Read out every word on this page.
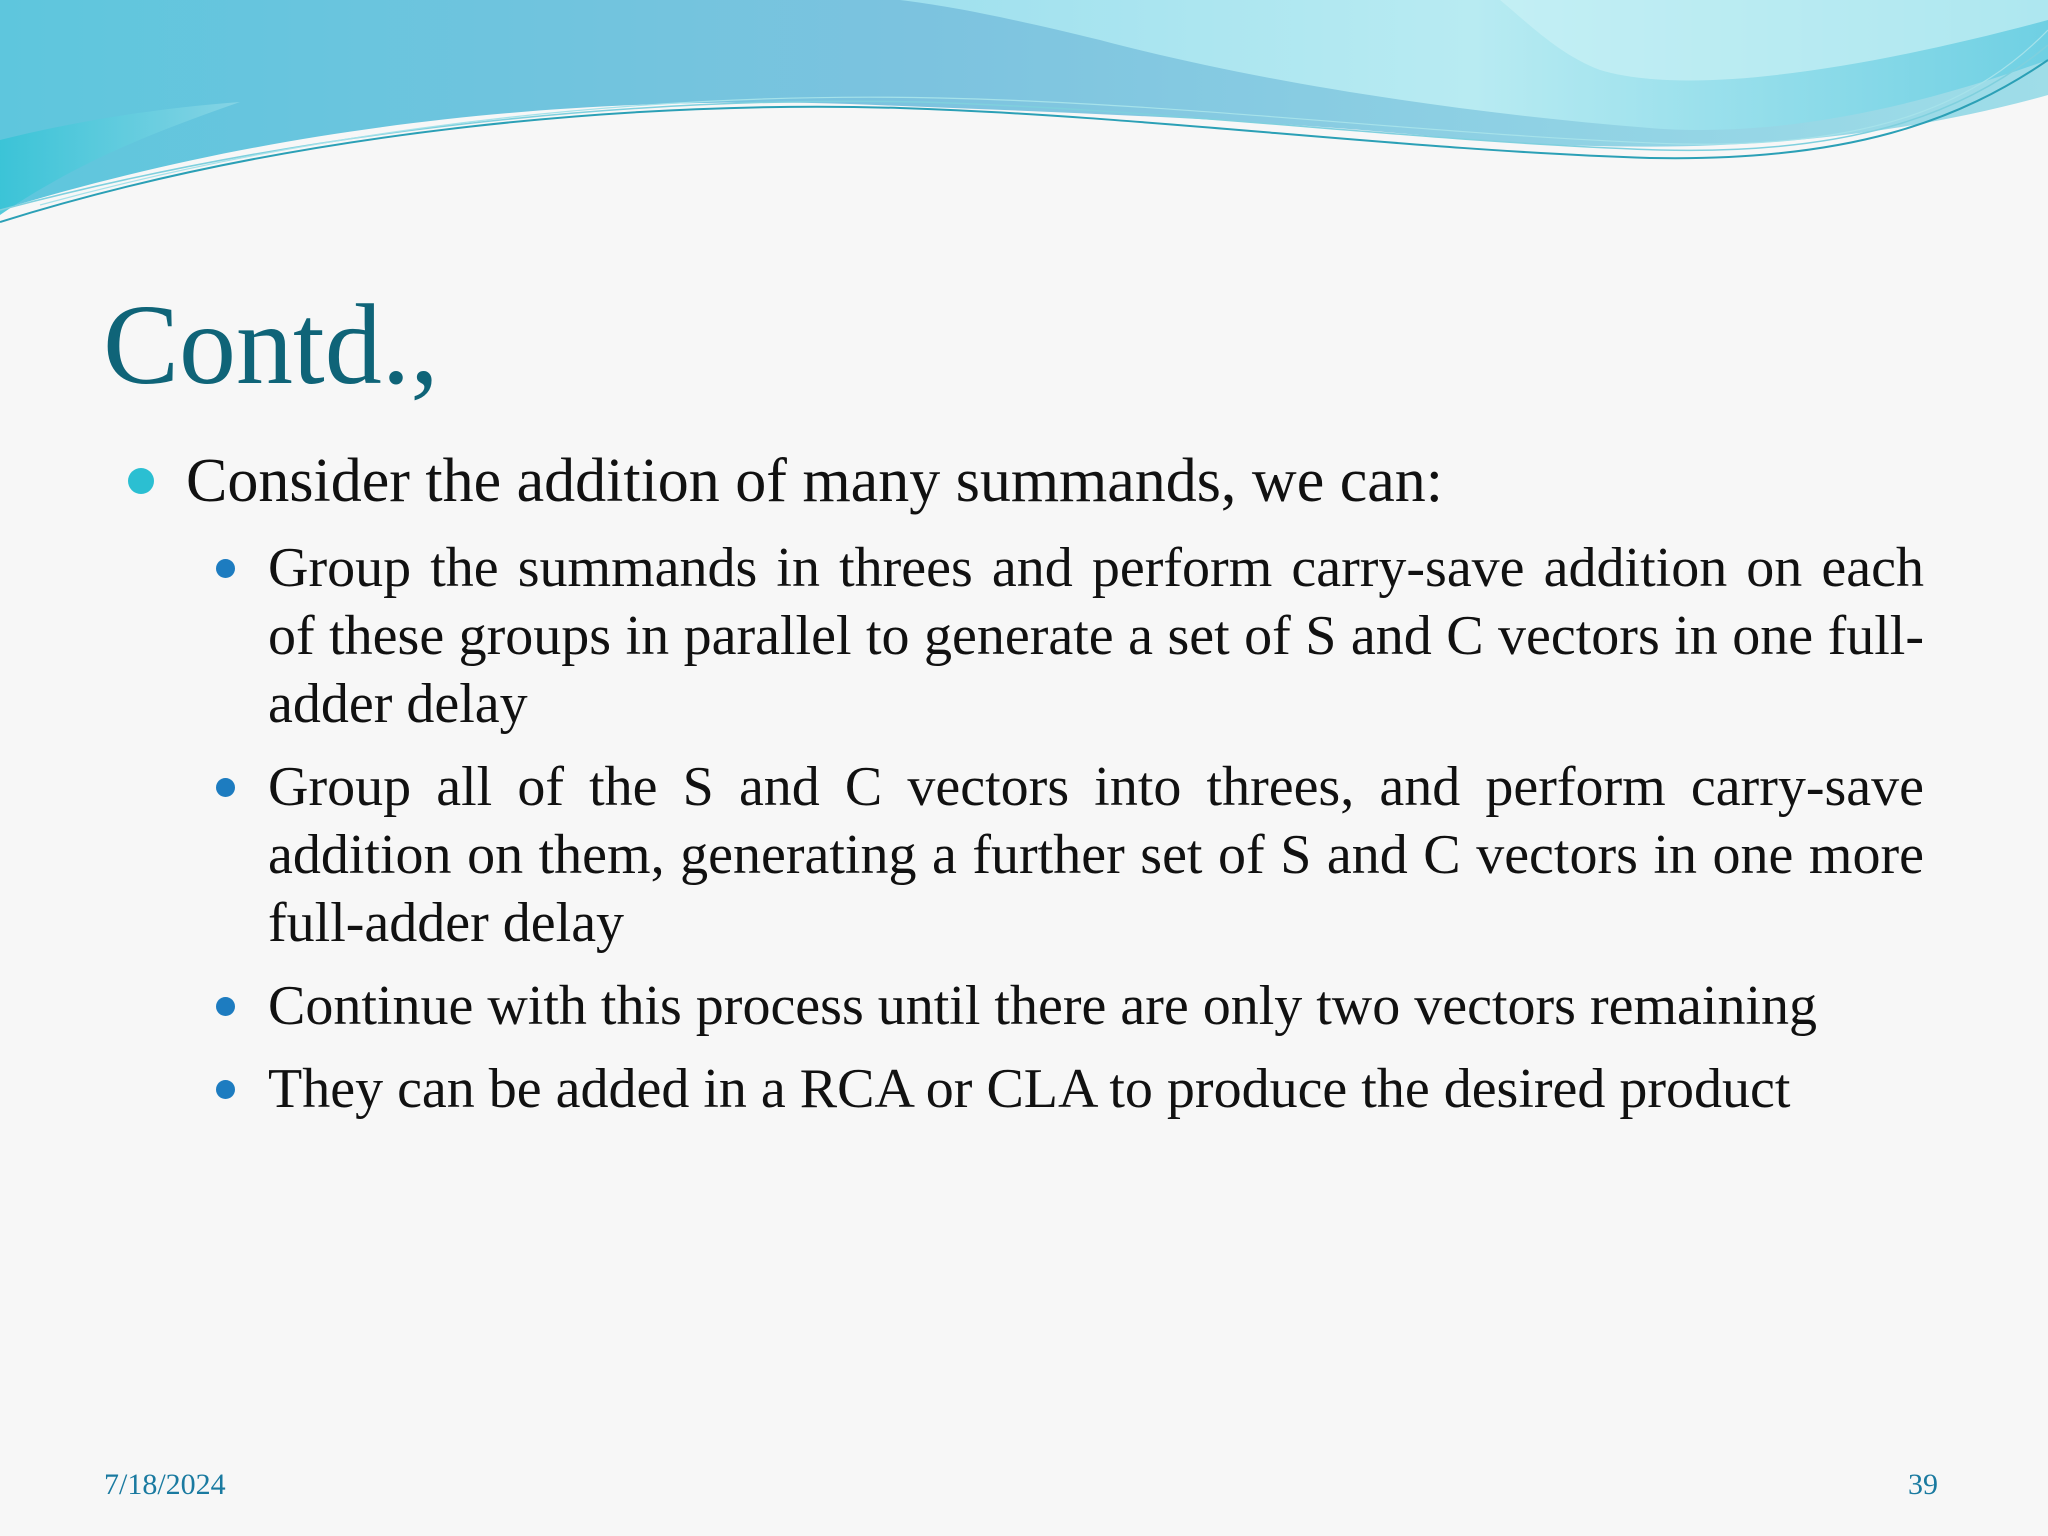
Contd.,
Consider the addition of many summands, we can:
Group the summands in threes and perform carry-save addition on each of these groups in parallel to generate a set of S and C vectors in one full-adder delay
Group all of the S and C vectors into threes, and perform carry-save addition on them, generating a further set of S and C vectors in one more full-adder delay
Continue with this process until there are only two vectors remaining
They can be added in a RCA or CLA to produce the desired product
7/18/2024	39
